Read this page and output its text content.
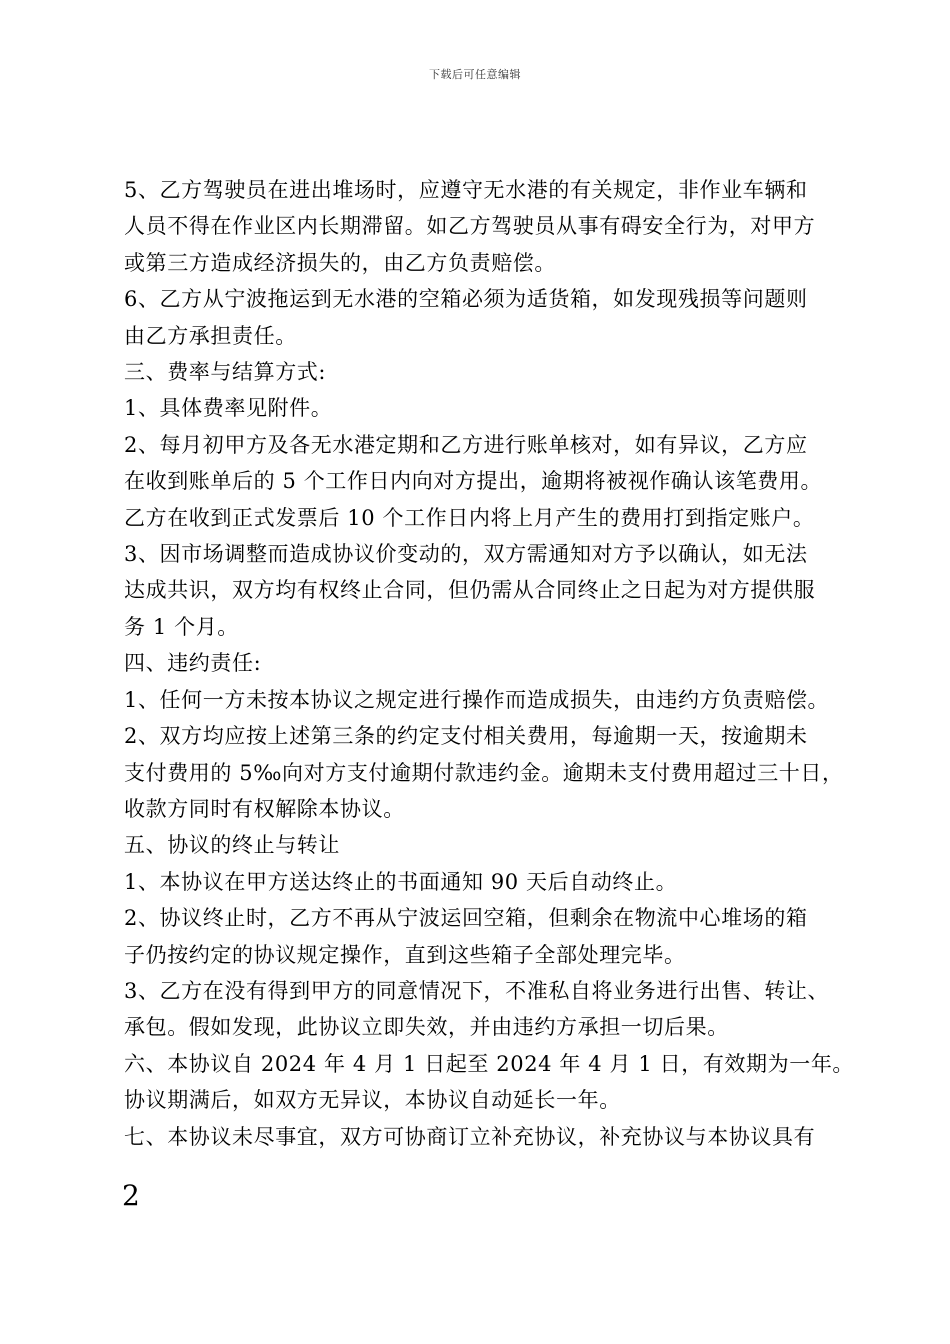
下载后可任意编辑

5、乙方驾驶员在进出堆场时，应遵守无水港的有关规定，非作业车辆和

人员不得在作业区内长期滞留。如乙方驾驶员从事有碍安全行为，对甲方

或第三方造成经济损失的，由乙方负责赔偿。

6、乙方从宁波拖运到无水港的空箱必须为适货箱，如发现残损等问题则

由乙方承担责任。

三、费率与结算方式:

1、具体费率见附件。

2、每月初甲方及各无水港定期和乙方进行账单核对，如有异议，乙方应

在收到账单后的 5 个工作日内向对方提出，逾期将被视作确认该笔费用。

乙方在收到正式发票后 10 个工作日内将上月产生的费用打到指定账户。

3、因市场调整而造成协议价变动的，双方需通知对方予以确认，如无法

达成共识，双方均有权终止合同，但仍需从合同终止之日起为对方提供服

务 1 个月。

四、违约责任:

1、任何一方未按本协议之规定进行操作而造成损失，由违约方负责赔偿。

2、双方均应按上述第三条的约定支付相关费用，每逾期一天，按逾期未

支付费用的 5‰向对方支付逾期付款违约金。逾期未支付费用超过三十日，

收款方同时有权解除本协议。

五、协议的终止与转让

1、本协议在甲方送达终止的书面通知 90 天后自动终止。

2、协议终止时，乙方不再从宁波运回空箱，但剩余在物流中心堆场的箱

子仍按约定的协议规定操作，直到这些箱子全部处理完毕。

3、乙方在没有得到甲方的同意情况下，不准私自将业务进行出售、转让、

承包。假如发现，此协议立即失效，并由违约方承担一切后果。

六、本协议自 2024 年 4 月 1 日起至 2024 年 4 月 1 日，有效期为一年。

协议期满后，如双方无异议，本协议自动延长一年。

七、本协议未尽事宜，双方可协商订立补充协议，补充协议与本协议具有

2
